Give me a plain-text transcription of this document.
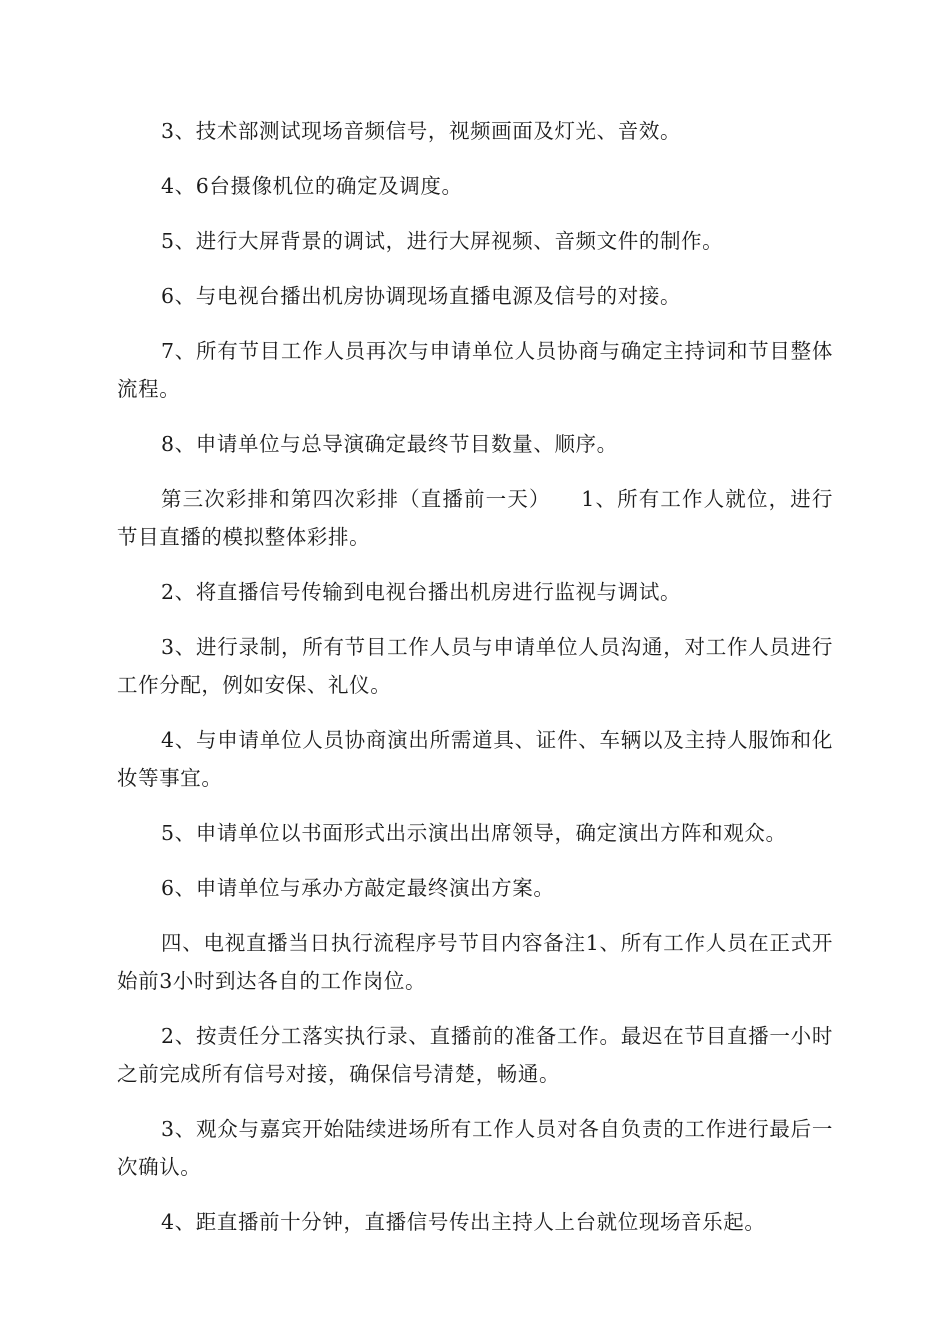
3、技术部测试现场音频信号，视频画面及灯光、音效。

4、6台摄像机位的确定及调度。

5、进行大屏背景的调试，进行大屏视频、音频文件的制作。

6、与电视台播出机房协调现场直播电源及信号的对接。

7、所有节目工作人员再次与申请单位人员协商与确定主持词和节目整体流程。

8、申请单位与总导演确定最终节目数量、顺序。

第三次彩排和第四次彩排（直播前一天）    1、所有工作人就位，进行节目直播的模拟整体彩排。

2、将直播信号传输到电视台播出机房进行监视与调试。

3、进行录制，所有节目工作人员与申请单位人员沟通，对工作人员进行工作分配，例如安保、礼仪。

4、与申请单位人员协商演出所需道具、证件、车辆以及主持人服饰和化妆等事宜。

5、申请单位以书面形式出示演出出席领导，确定演出方阵和观众。

6、申请单位与承办方敲定最终演出方案。

四、电视直播当日执行流程序号节目内容备注1、所有工作人员在正式开始前3小时到达各自的工作岗位。

2、按责任分工落实执行录、直播前的准备工作。最迟在节目直播一小时之前完成所有信号对接，确保信号清楚，畅通。

3、观众与嘉宾开始陆续进场所有工作人员对各自负责的工作进行最后一次确认。

4、距直播前十分钟，直播信号传出主持人上台就位现场音乐起。
